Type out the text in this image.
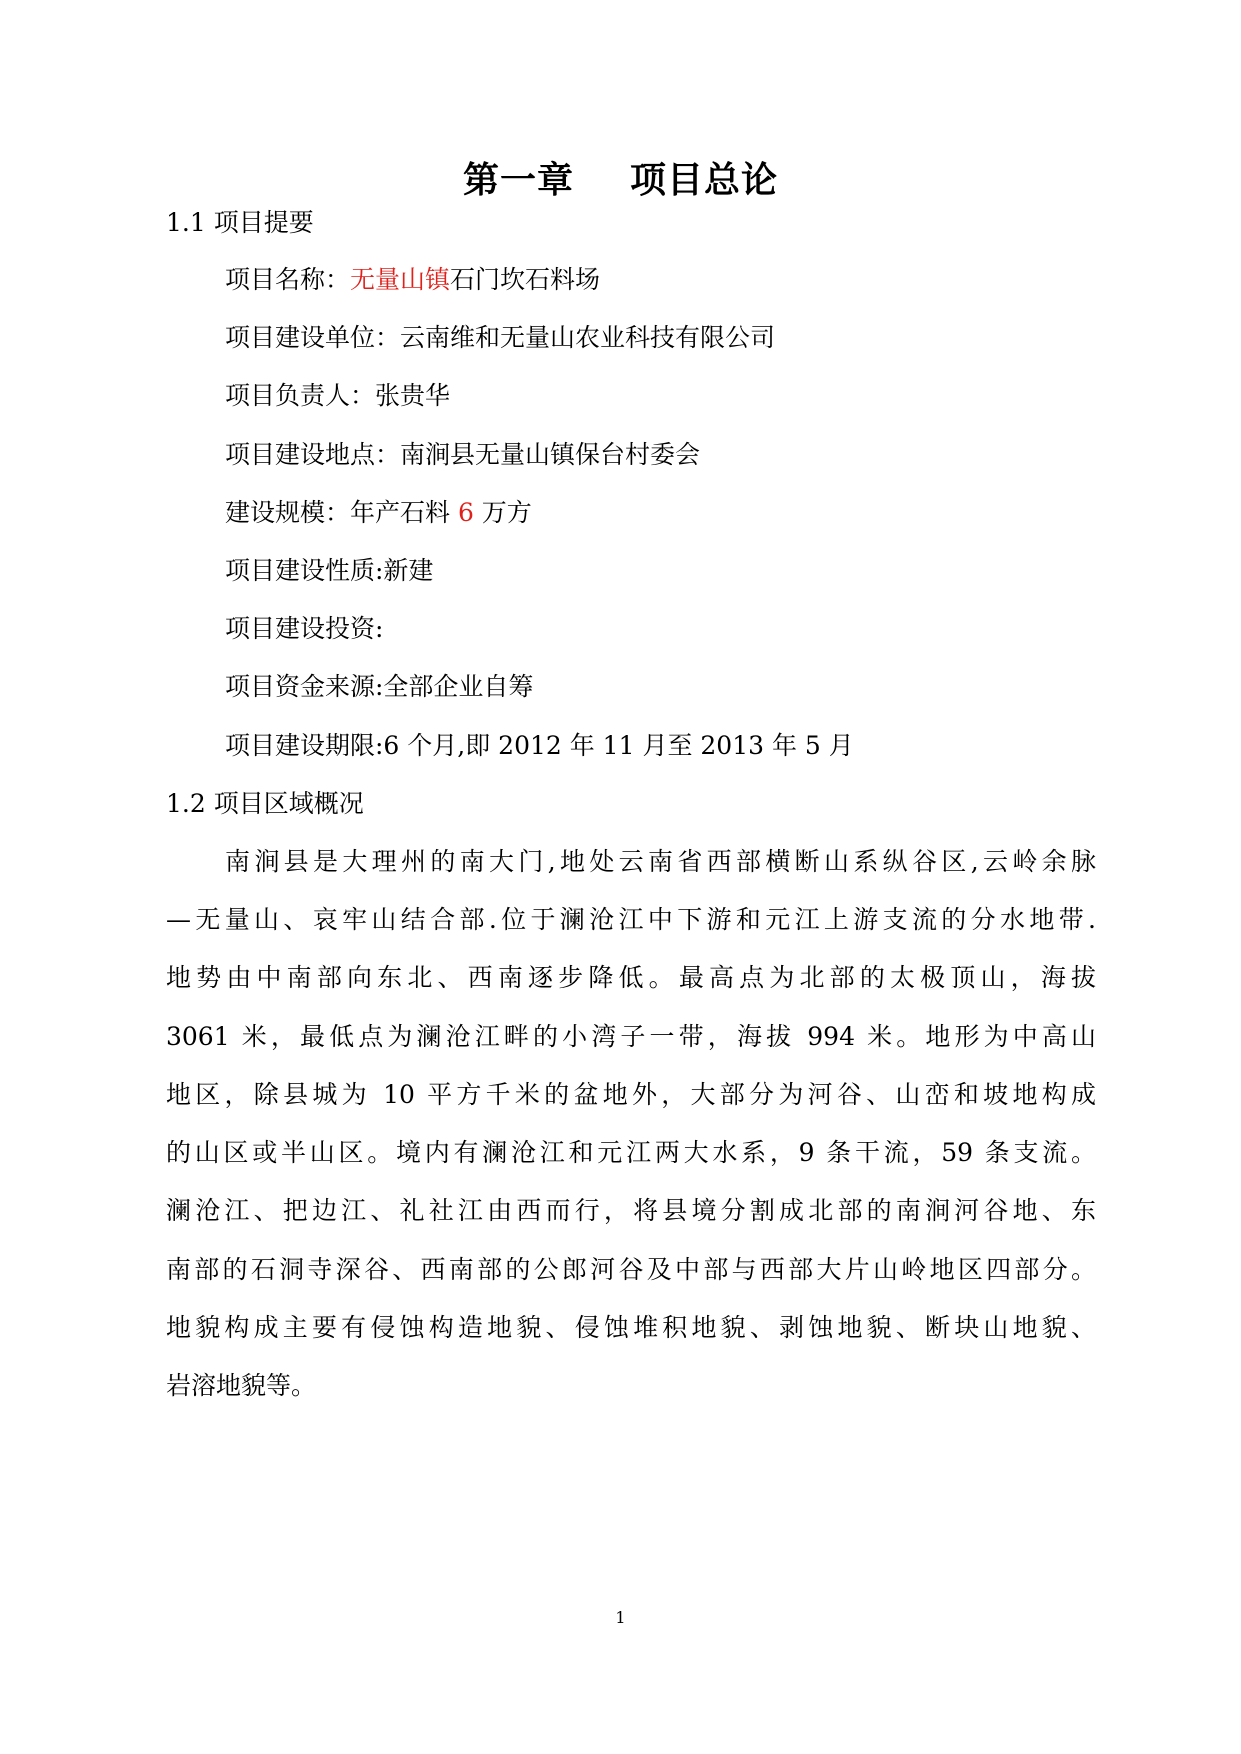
第一章 项目总论
1.1 项目提要
项目名称：无量山镇石门坎石料场
项目建设单位：云南维和无量山农业科技有限公司
项目负责人：张贵华
项目建设地点：南涧县无量山镇保台村委会
建设规模：年产石料 6 万方
项目建设性质:新建
项目建设投资:
项目资金来源:全部企业自筹
项目建设期限:6 个月,即 2012 年 11 月至 2013 年 5 月
1.2 项目区域概况
南涧县是大理州的南大门,地处云南省西部横断山系纵谷区,云岭余脉
—无量山、哀牢山结合部.位于澜沧江中下游和元江上游支流的分水地带.
地势由中南部向东北、西南逐步降低。最高点为北部的太极顶山，海拔
3061 米，最低点为澜沧江畔的小湾子一带，海拔 994 米。地形为中高山
地区，除县城为 10 平方千米的盆地外，大部分为河谷、山峦和坡地构成
的山区或半山区。境内有澜沧江和元江两大水系，9 条干流，59 条支流。
澜沧江、把边江、礼社江由西而行，将县境分割成北部的南涧河谷地、东
南部的石洞寺深谷、西南部的公郎河谷及中部与西部大片山岭地区四部分。
地貌构成主要有侵蚀构造地貌、侵蚀堆积地貌、剥蚀地貌、断块山地貌、
岩溶地貌等。
1
